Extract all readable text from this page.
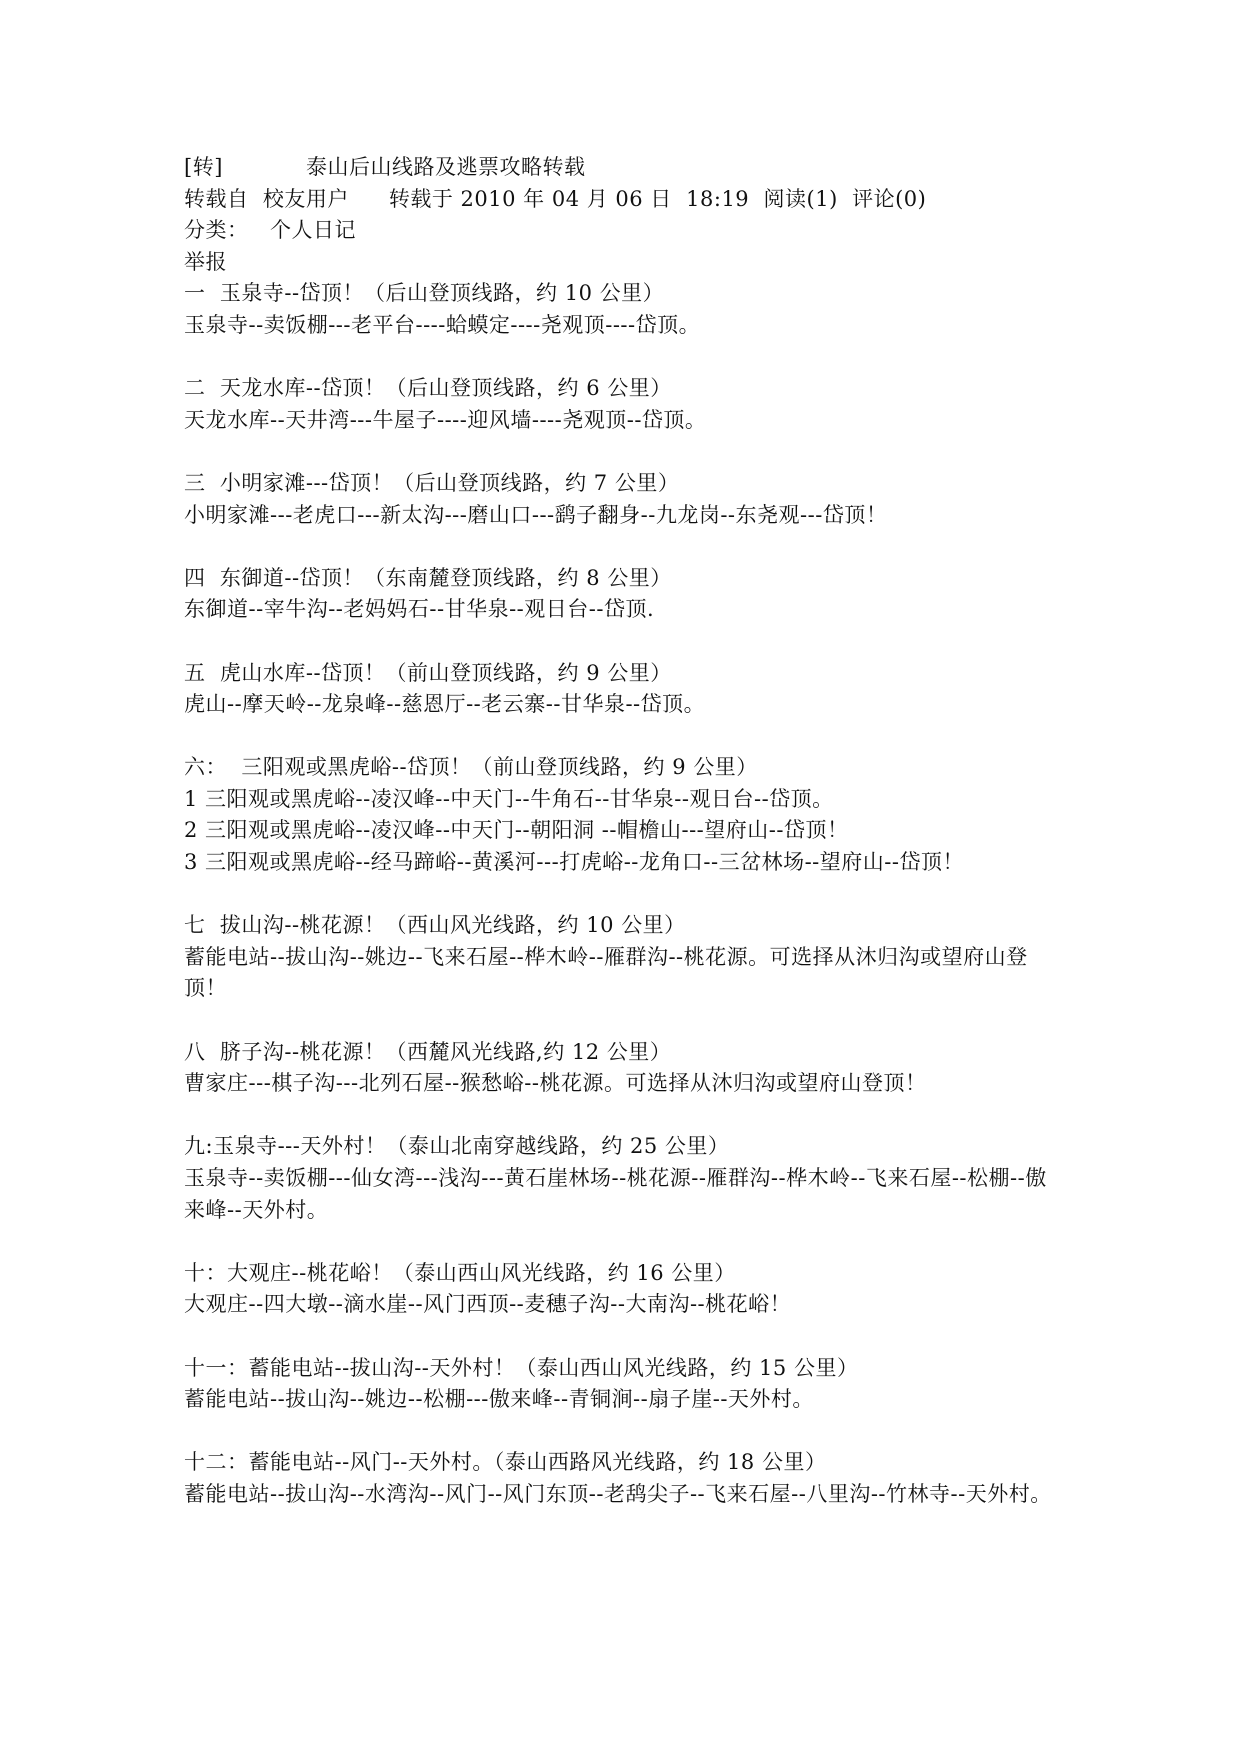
[转]	泰山后山线路及逃票攻略转载
转载自  校友用户 转载于 2010 年 04 月 06 日  18:19  阅读(1)  评论(0)
分类：   个人日记
举报
一  玉泉寺--岱顶！（后山登顶线路，约 10 公里）
玉泉寺--卖饭棚---老平台----蛤蟆定----尧观顶----岱顶。
二  天龙水库--岱顶！（后山登顶线路，约 6 公里）
天龙水库--天井湾---牛屋子----迎风墙----尧观顶--岱顶。
三  小明家滩---岱顶！（后山登顶线路，约 7 公里）
小明家滩---老虎口---新太沟---磨山口---鹞子翻身--九龙岗--东尧观---岱顶！
四  东御道--岱顶！（东南麓登顶线路，约 8 公里）
东御道--宰牛沟--老妈妈石--甘华泉--观日台--岱顶.
五  虎山水库--岱顶！（前山登顶线路，约 9 公里）
虎山--摩天岭--龙泉峰--慈恩厅--老云寨--甘华泉--岱顶。
六：  三阳观或黑虎峪--岱顶！（前山登顶线路，约 9 公里）
1 三阳观或黑虎峪--凌汉峰--中天门--牛角石--甘华泉--观日台--岱顶。
2 三阳观或黑虎峪--凌汉峰--中天门--朝阳洞 --帽檐山---望府山--岱顶！
3 三阳观或黑虎峪--经马蹄峪--黄溪河---打虎峪--龙角口--三岔林场--望府山--岱顶！
七  拔山沟--桃花源！（西山风光线路，约 10 公里）
蓄能电站--拔山沟--姚边--飞来石屋--桦木岭--雁群沟--桃花源。可选择从沐归沟或望府山登顶！
八  脐子沟--桃花源！（西麓风光线路,约 12 公里）
曹家庄---棋子沟---北列石屋--猴愁峪--桃花源。可选择从沐归沟或望府山登顶！
九:玉泉寺---天外村！（泰山北南穿越线路，约 25 公里）
玉泉寺--卖饭棚---仙女湾---浅沟---黄石崖林场--桃花源--雁群沟--桦木岭--飞来石屋--松棚--傲来峰--天外村。
十：大观庄--桃花峪！（泰山西山风光线路，约 16 公里）
大观庄--四大墩--滴水崖--风门西顶--麦穗子沟--大南沟--桃花峪！
十一：蓄能电站--拔山沟--天外村！（泰山西山风光线路，约 15 公里）
蓄能电站--拔山沟--姚边--松棚---傲来峰--青铜涧--扇子崖--天外村。
十二：蓄能电站--风门--天外村。（泰山西路风光线路，约 18 公里）
蓄能电站--拔山沟--水湾沟--风门--风门东顶--老鸹尖子--飞来石屋--八里沟--竹林寺--天外村。
